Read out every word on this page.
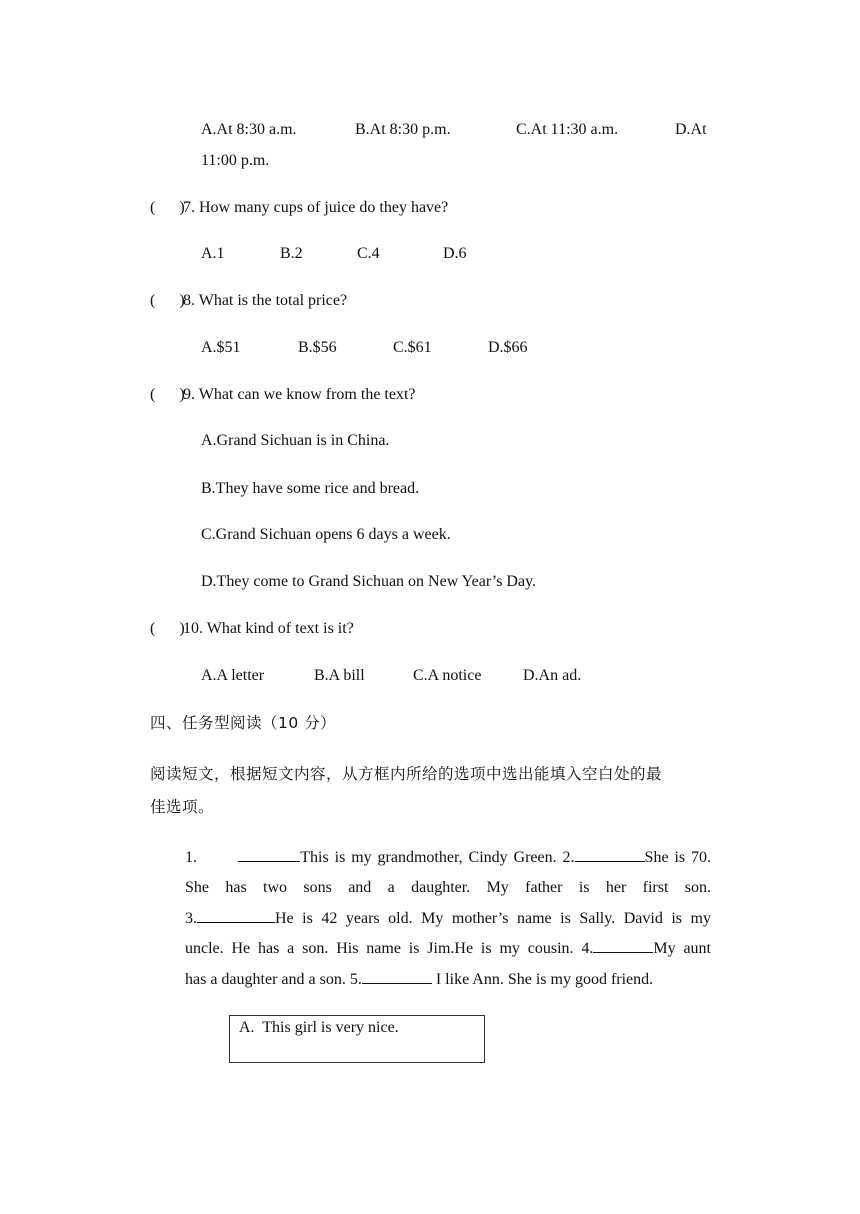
A.At 8:30 a.m.	B.At 8:30 p.m.	C.At 11:30 a.m.	D.At
11:00 p.m.
(      )
7. How many cups of juice do they have?
A.1	B.2	C.4	D.6
(      )
8. What is the total price?
A.$51	B.$56	C.$61	D.$66
(      )
9. What can we know from the text?
A.Grand Sichuan is in China.
B.They have some rice and bread.
C.Grand Sichuan opens 6 days a week.
D.They come to Grand Sichuan on New Year’s Day.
(      )
10. What kind of text is it?
A.A letter	B.A bill	C.A notice	D.An ad.
四、任务型阅读（10 分）
阅读短文，根据短文内容，从方框内所给的选项中选出能填入空白处的最
佳选项。
1.	This is my grandmother, Cindy Green. 2.	She is 70.
She has two sons and a daughter. My father is her first son.
3.	He is 42 years old. My mother’s name is Sally. David is my
uncle. He has a son. His name is Jim.He is my cousin. 4.	My aunt
has a daughter and a son. 5.	I like Ann. She is my good friend.
A.  This girl is very nice.
